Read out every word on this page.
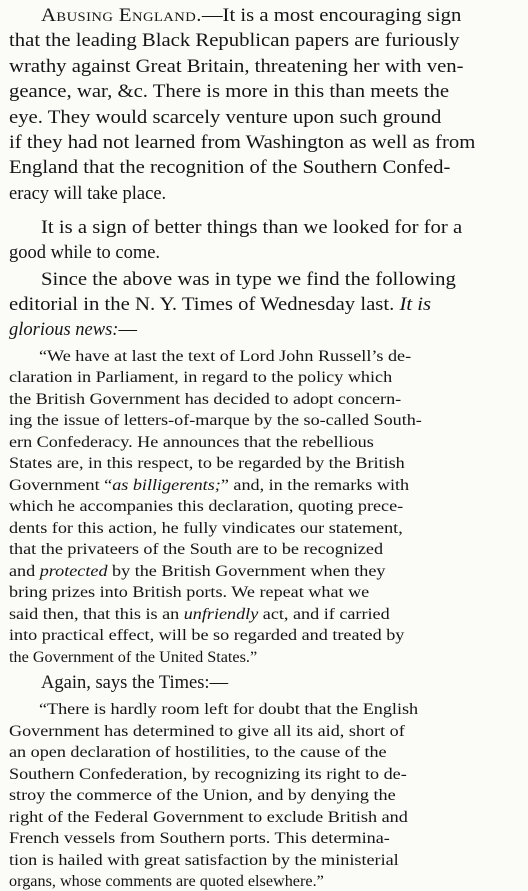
Abusing England.—It is a most encouraging sign
that the leading Black Republican papers are furiously
wrathy against Great Britain, threatening her with ven-
geance, war, &c. There is more in this than meets the
eye. They would scarcely venture upon such ground
if they had not learned from Washington as well as from
England that the recognition of the Southern Confed-
eracy will take place.
It is a sign of better things than we looked for for a
good while to come.
Since the above was in type we find the following
editorial in the N. Y. Times of Wednesday last. It is
glorious news:—
“We have at last the text of Lord John Russell’s de-
claration in Parliament, in regard to the policy which
the British Government has decided to adopt concern-
ing the issue of letters-of-marque by the so-called South-
ern Confederacy. He announces that the rebellious
States are, in this respect, to be regarded by the British
Government “as billigerents;” and, in the remarks with
which he accompanies this declaration, quoting prece-
dents for this action, he fully vindicates our statement,
that the privateers of the South are to be recognized
and protected by the British Government when they
bring prizes into British ports. We repeat what we
said then, that this is an unfriendly act, and if carried
into practical effect, will be so regarded and treated by
the Government of the United States.”
Again, says the Times:—
“There is hardly room left for doubt that the English
Government has determined to give all its aid, short of
an open declaration of hostilities, to the cause of the
Southern Confederation, by recognizing its right to de-
stroy the commerce of the Union, and by denying the
right of the Federal Government to exclude British and
French vessels from Southern ports. This determina-
tion is hailed with great satisfaction by the ministerial
organs, whose comments are quoted elsewhere.”
